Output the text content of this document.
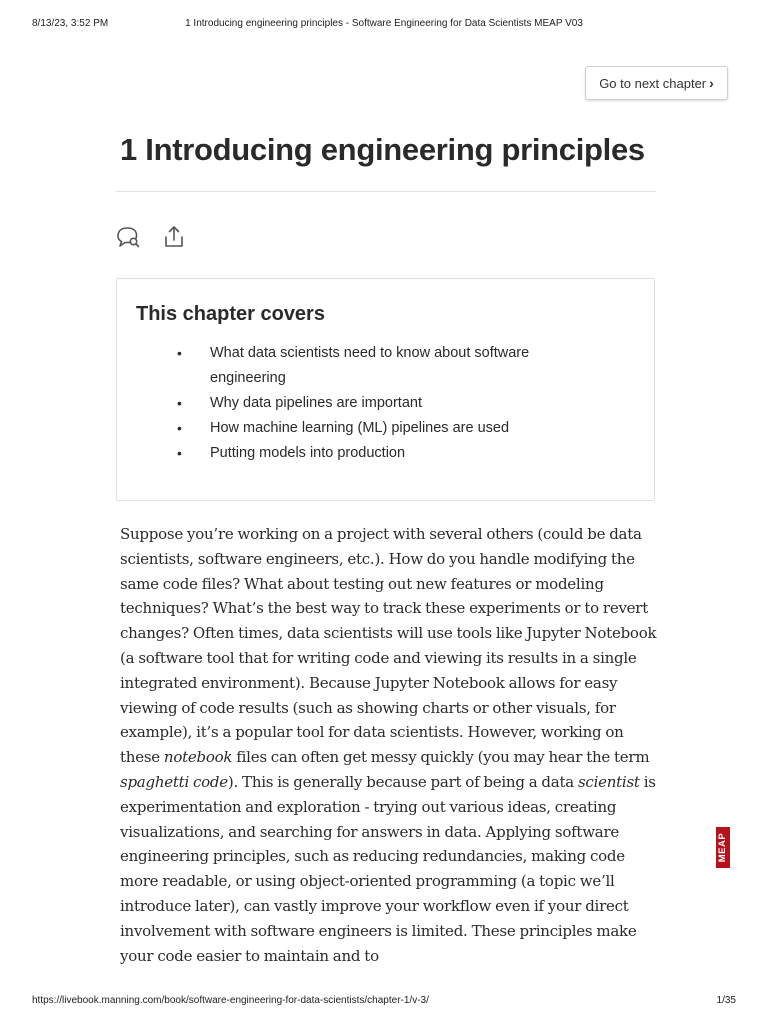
8/13/23, 3:52 PM	1 Introducing engineering principles - Software Engineering for Data Scientists MEAP V03
Go to next chapter ›
1 Introducing engineering principles
This chapter covers
• What data scientists need to know about software engineering
• Why data pipelines are important
• How machine learning (ML) pipelines are used
• Putting models into production

Suppose you’re working on a project with several others (could be data scientists, software engineers, etc.). How do you handle modifying the same code files? What about testing out new features or modeling techniques? What’s the best way to track these experiments or to revert changes? Often times, data scientists will use tools like Jupyter Notebook (a software tool that for writing code and viewing its results in a single integrated environment). Because Jupyter Notebook allows for easy viewing of code results (such as showing charts or other visuals, for example), it’s a popular tool for data scientists. However, working on these notebook files can often get messy quickly (you may hear the term spaghetti code). This is generally because part of being a data scientist is experimentation and exploration - trying out various ideas, creating visualizations, and searching for answers in data. Applying software engineering principles, such as reducing redundancies, making code more readable, or using object-oriented programming (a topic we’ll introduce later), can vastly improve your workflow even if your direct involvement with software engineers is limited. These principles make your code easier to maintain and to

MEAP
https://livebook.manning.com/book/software-engineering-for-data-scientists/chapter-1/v-3/	1/35
